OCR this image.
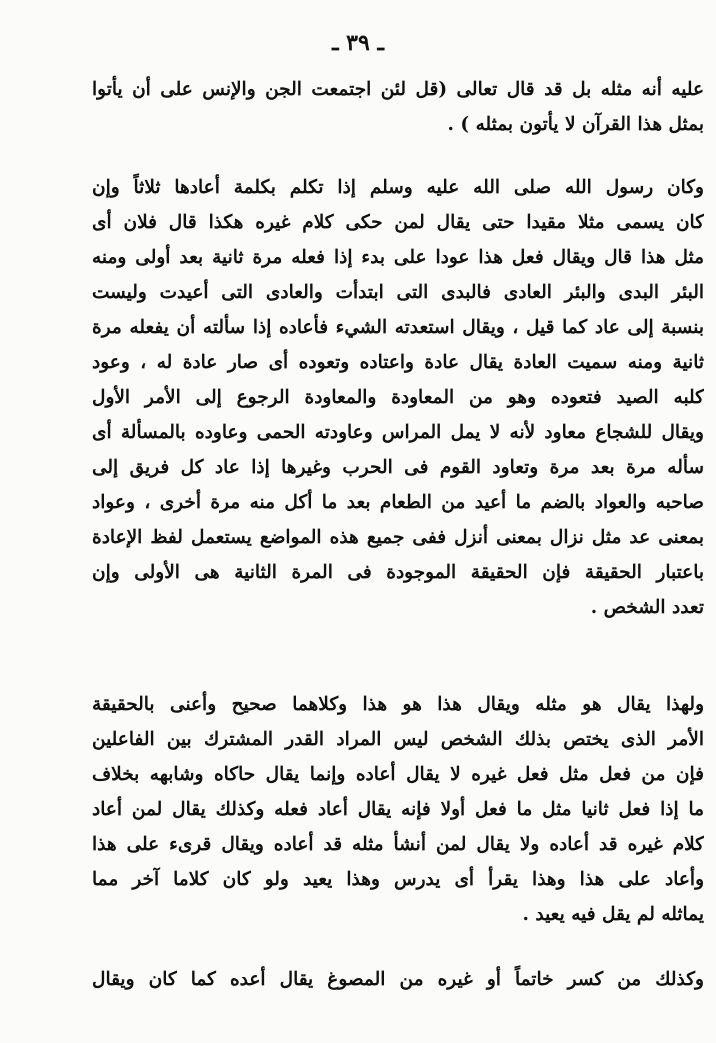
ـ ٣٩ ـ
عليه أنه مثله بل قد قال تعالى (قل لئن اجتمعت الجن والإنس على أن يأتوا
بمثل هذا القرآن لا يأتون بمثله ) .
وكان رسول الله صلى الله عليه وسلم إذا تكلم بكلمة أعادها ثلاثاً وإن
كان يسمى مثلا مقيدا حتى يقال لمن حكى كلام غيره هكذا قال فلان أى
مثل هذا قال ويقال فعل هذا عودا على بدء إذا فعله مرة ثانية بعد أولى ومنه
البئر البدى والبئر العادى فالبدى التى ابتدأت والعادى التى أعيدت وليست
بنسبة إلى عاد كما قيل ، ويقال استعدته الشيء فأعاده إذا سألته أن يفعله مرة
ثانية ومنه سميت العادة يقال عادة واعتاده وتعوده أى صار عادة له ، وعود
كلبه الصيد فتعوده وهو من المعاودة والمعاودة الرجوع إلى الأمر الأول
ويقال للشجاع معاود لأنه لا يمل المراس وعاودته الحمى وعاوده بالمسألة أى
سأله مرة بعد مرة وتعاود القوم فى الحرب وغيرها إذا عاد كل فريق إلى
صاحبه والعواد بالضم ما أعيد من الطعام بعد ما أكل منه مرة أخرى ، وعواد
بمعنى عد مثل نزال بمعنى أنزل ففى جميع هذه المواضع يستعمل لفظ الإعادة
باعتبار الحقيقة فإن الحقيقة الموجودة فى المرة الثانية هى الأولى وإن
تعدد الشخص .
ولهذا يقال هو مثله ويقال هذا هو هذا وكلاهما صحيح وأعنى بالحقيقة
الأمر الذى يختص بذلك الشخص ليس المراد القدر المشترك بين الفاعلين
فإن من فعل مثل فعل غيره لا يقال أعاده وإنما يقال حاكاه وشابهه بخلاف
ما إذا فعل ثانيا مثل ما فعل أولا فإنه يقال أعاد فعله وكذلك يقال لمن أعاد
كلام غيره قد أعاده ولا يقال لمن أنشأ مثله قد أعاده ويقال قرىء على هذا
وأعاد على هذا وهذا يقرأ أى يدرس وهذا يعيد ولو كان كلاما آخر مما
يماثله لم يقل فيه يعيد .
وكذلك من كسر خاتماً أو غيره من المصوغ يقال أعده كما كان ويقال
